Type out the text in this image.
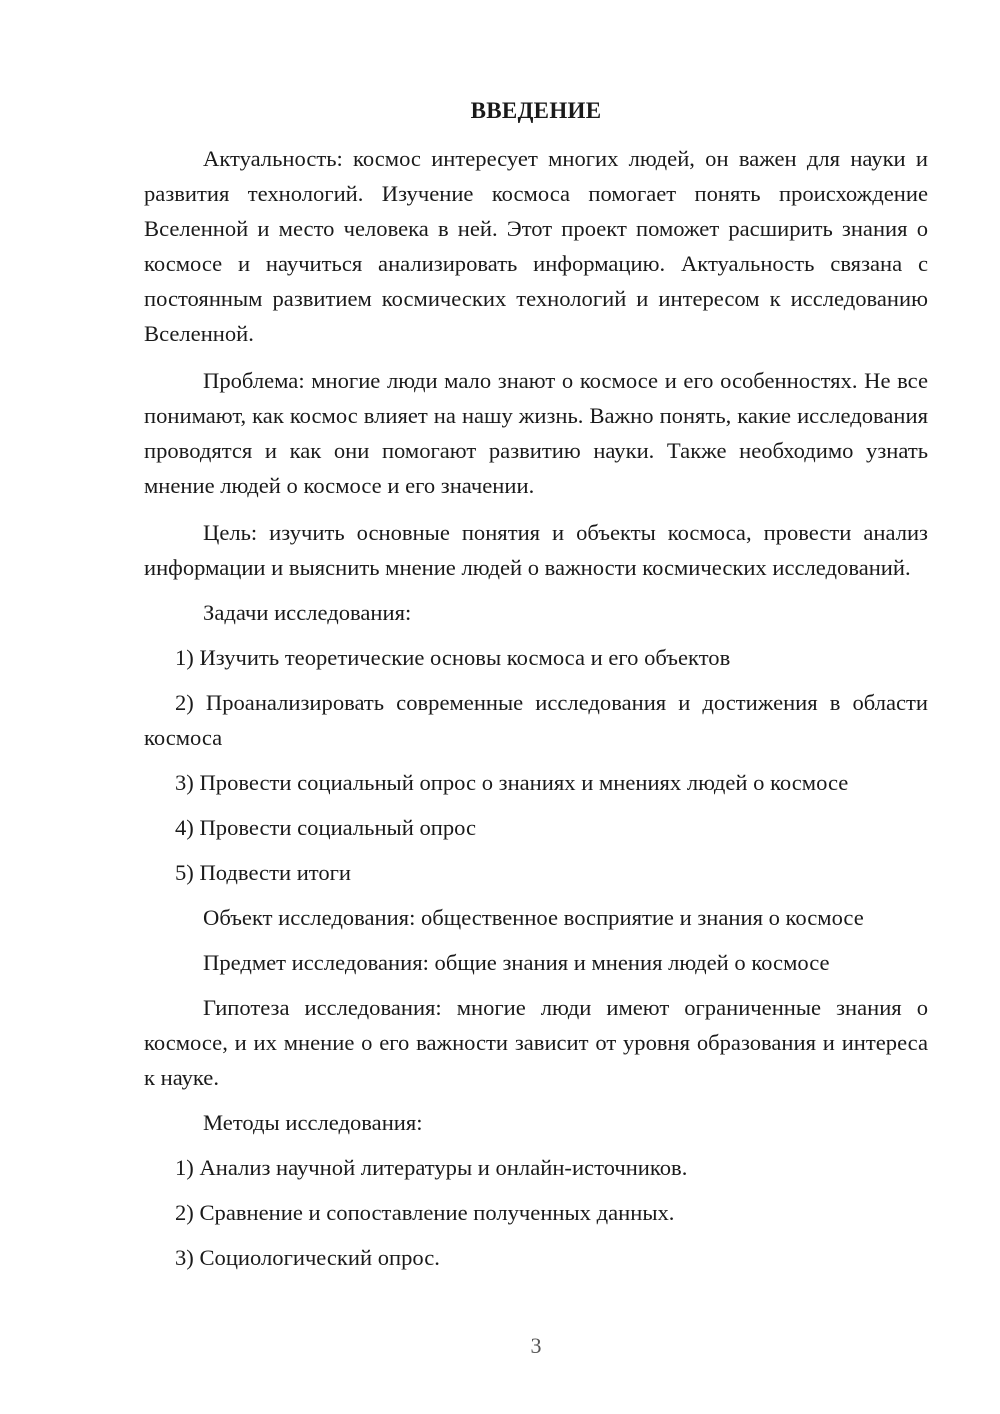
ВВЕДЕНИЕ

Актуальность: космос интересует многих людей, он важен для науки и развития технологий. Изучение космоса помогает понять происхождение Вселенной и место человека в ней. Этот проект поможет расширить знания о космосе и научиться анализировать информацию. Актуальность связана с постоянным развитием космических технологий и интересом к исследованию Вселенной.

Проблема: многие люди мало знают о космосе и его особенностях. Не все понимают, как космос влияет на нашу жизнь. Важно понять, какие исследования проводятся и как они помогают развитию науки. Также необходимо узнать мнение людей о космосе и его значении.

Цель: изучить основные понятия и объекты космоса, провести анализ информации и выяснить мнение людей о важности космических исследований.

Задачи исследования:

1) Изучить теоретические основы космоса и его объектов

2) Проанализировать современные исследования и достижения в области космоса

3) Провести социальный опрос о знаниях и мнениях людей о космосе

4) Провести социальный опрос

5) Подвести итоги

Объект исследования: общественное восприятие и знания о космосе

Предмет исследования: общие знания и мнения людей о космосе

Гипотеза исследования: многие люди имеют ограниченные знания о космосе, и их мнение о его важности зависит от уровня образования и интереса к науке.

Методы исследования:

1) Анализ научной литературы и онлайн-источников.

2) Сравнение и сопоставление полученных данных.

3) Социологический опрос.

3
